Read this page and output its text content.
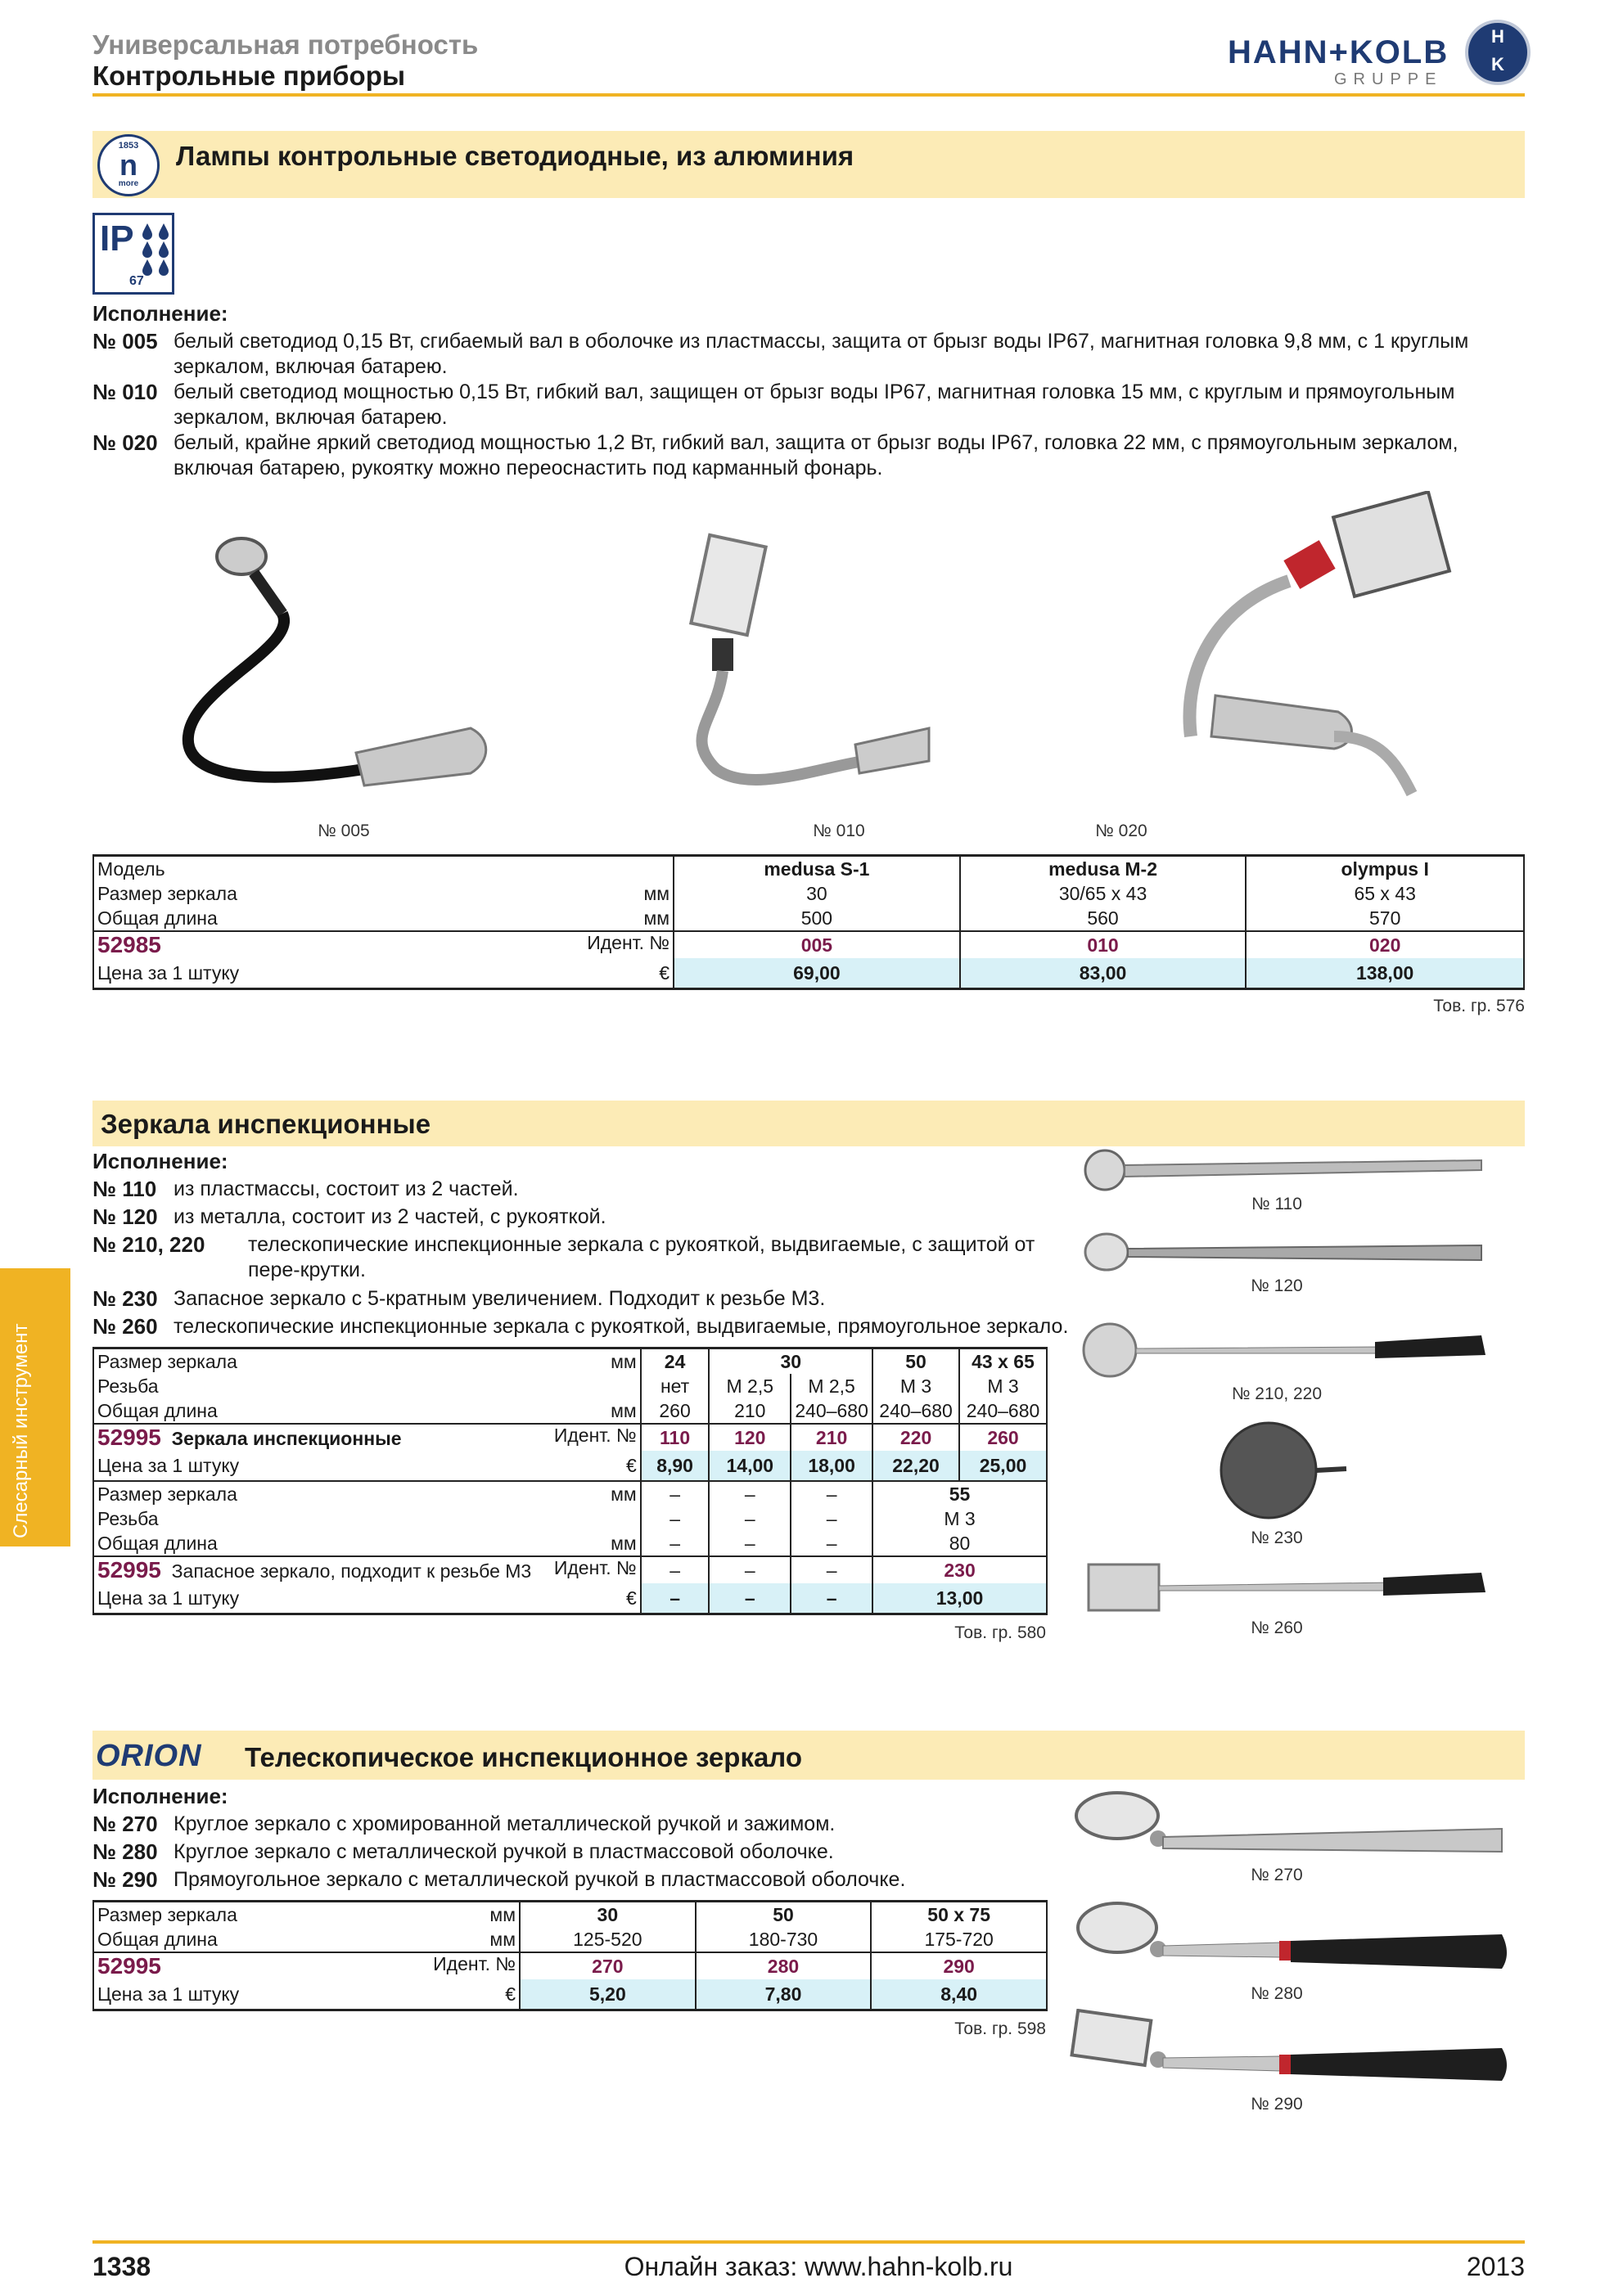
Универсальная потребность
Контрольные приборы
HAHN+KOLB
GRUPPE
H
K
Слесарный инструмент
1853
n
more
Лампы контрольные светодиодные, из алюминия
IP
67
Исполнение:
№ 005 белый светодиод 0,15 Вт, сгибаемый вал в оболочке из пластмассы, защита от брызг воды IP67, магнитная головка 9,8 мм, с 1 круглым зеркалом, включая батарею.
№ 010 белый светодиод мощностью 0,15 Вт, гибкий вал, защищен от брызг воды IP67, магнитная головка 15 мм, с круглым и прямоугольным зеркалом, включая батарею.
№ 020 белый, крайне яркий светодиод мощностью 1,2 Вт, гибкий вал, защита от брызг воды IP67, головка 22 мм, с прямоугольным зеркалом, включая батарею, рукоятку можно переоснастить под карманный фонарь.
№ 005	№ 010	№ 020
Модель	medusa S-1	medusa M-2	olympus I
Размер зеркала мм	30	30/65 x 43	65 x 43
Общая длина мм	500	560	570
52985 Идент. №	005	010	020
Цена за 1 штуку €	69,00	83,00	138,00
Тов. гр. 576
Зеркала инспекционные
Исполнение:
№ 110 из пластмассы, состоит из 2 частей.
№ 120 из металла, состоит из 2 частей, с рукояткой.
№ 210, 220 телескопические инспекционные зеркала с рукояткой, выдвигаемые, с защитой от пере-крутки.
№ 230 Запасное зеркало с 5-кратным увеличением. Подходит к резьбе М3.
№ 260 телескопические инспекционные зеркала с рукояткой, выдвигаемые, прямоугольное зеркало.
Размер зеркала мм	24	30		50	43 x 65
Резьба	нет	М 2,5	М 2,5	М 3	М 3
Общая длина мм	260	210	240–680	240–680	240–680
52995 Зеркала инспекционные Идент. №	110	120	210	220	260
Цена за 1 штуку €	8,90	14,00	18,00	22,20	25,00
Размер зеркала мм	–	–	–	55	
Резьба	–	–	–	М 3	
Общая длина мм	–	–	–	80	
52995 Запасное зеркало, подходит к резьбе М3 Идент. №	–	–	–	230	
Цена за 1 штуку €	–	–	–	13,00	
Тов. гр. 580
№ 110
№ 120
№ 210, 220
№ 230
№ 260
ORION Телескопическое инспекционное зеркало
Исполнение:
№ 270 Круглое зеркало с хромированной металлической ручкой и зажимом.
№ 280 Круглое зеркало с металлической ручкой в пластмассовой оболочке.
№ 290 Прямоугольное зеркало с металлической ручкой в пластмассовой оболочке.
Размер зеркала мм	30	50	50 x 75
Общая длина мм	125-520	180-730	175-720
52995 Идент. №	270	280	290
Цена за 1 штуку €	5,20	7,80	8,40
Тов. гр. 598
№ 270
№ 280
№ 290
1338	Онлайн заказ: www.hahn-kolb.ru	2013
